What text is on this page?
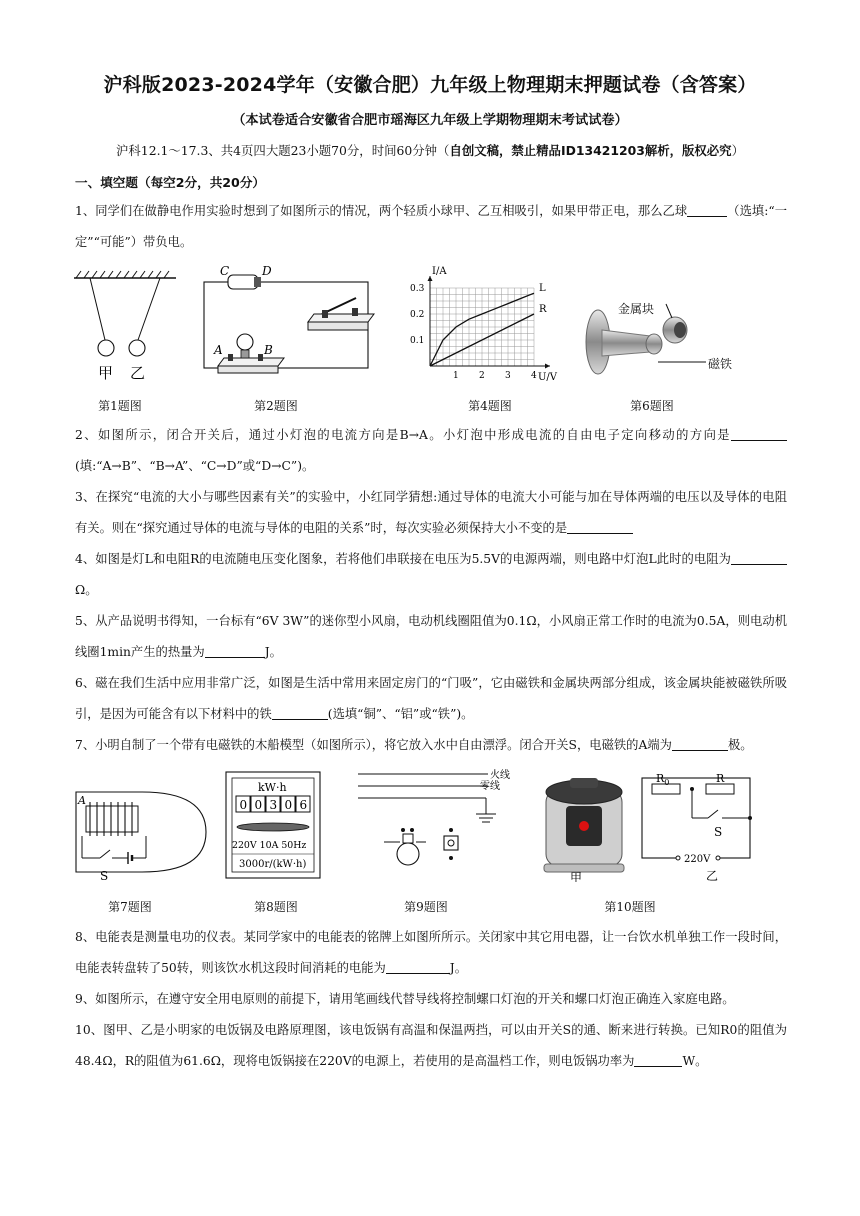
沪科版2023-2024学年（安徽合肥）九年级上物理期末押题试卷（含答案）
（本试卷适合安徽省合肥市瑶海区九年级上学期物理期末考试试卷）
沪科12.1～17.3、共4页四大题23小题70分，时间60分钟（自创文稿，禁止精品ID13421203解析，版权必究）
一、填空题（每空2分，共20分）
1、同学们在做静电作用实验时想到了如图所示的情况，两个轻质小球甲、乙互相吸引，如果甲带正电，那么乙球	（选填:“一定”“可能”）带负电。
甲 乙
C	D
A	B
1 2 3 4
0.1
0.2
0.3
U/V
I/A
L
R	金属块
磁铁
第1题图	第2题图	第4题图	第6题图
2、如图所示，闭合开关后，通过小灯泡的电流方向是B→A。小灯泡中形成电流的自由电子定向移动的方向是(填:“A→B”、“B→A”、“C→D”或“D→C”)。
3、在探究“电流的大小与哪些因素有关”的实验中，小红同学猜想:通过导体的电流大小可能与加在导体两端的电压以及导体的电阻有关。则在“探究通过导体的电流与导体的电阻的关系”时，每次实验必须保持大小不变的是
4、如图是灯L和电阻R的电流随电压变化图象，若将他们串联接在电压为5.5V的电源两端，则电路中灯泡L此时的电阻为Ω。
5、从产品说明书得知，一台标有“6V 3W”的迷你型小风扇，电动机线圈阻值为0.1Ω，小风扇正常工作时的电流为0.5A，则电动机线圈1min产生的热量为	J。
6、磁在我们生活中应用非常广泛，如图是生活中常用来固定房门的“门吸”，它由磁铁和金属块两部分组成，该金属块能被磁铁所吸引，是因为可能含有以下材料中的铁	(选填“铜”、“铝”或“铁”)。
7、小明自制了一个带有电磁铁的木船模型（如图所示），将它放入水中自由漂浮。闭合开关S，电磁铁的A端为	极。
A
S
kW·h
0 0 3 0 6
220V 10A 50Hz
3000r/(kW·h)
火线
零线
甲
$R_0$	R
S
220V
乙
第7题图	第8题图	第9题图	第10题图
8、电能表是测量电功的仪表。某同学家中的电能表的铭牌上如图所所示。关闭家中其它用电器，让一台饮水机单独工作一段时间，电能表转盘转了50转，则该饮水机这段时间消耗的电能为	J。
9、如图所示，在遵守安全用电原则的前提下，请用笔画线代替导线将控制螺口灯泡的开关和螺口灯泡正确连入家庭电路。
10、图甲、乙是小明家的电饭锅及电路原理图，该电饭锅有高温和保温两挡，可以由开关S的通、断来进行转换。已知R0的阻值为48.4Ω，R的阻值为61.6Ω，现将电饭锅接在220V的电源上，若使用的是高温档工作，则电饭锅功率为	W。
